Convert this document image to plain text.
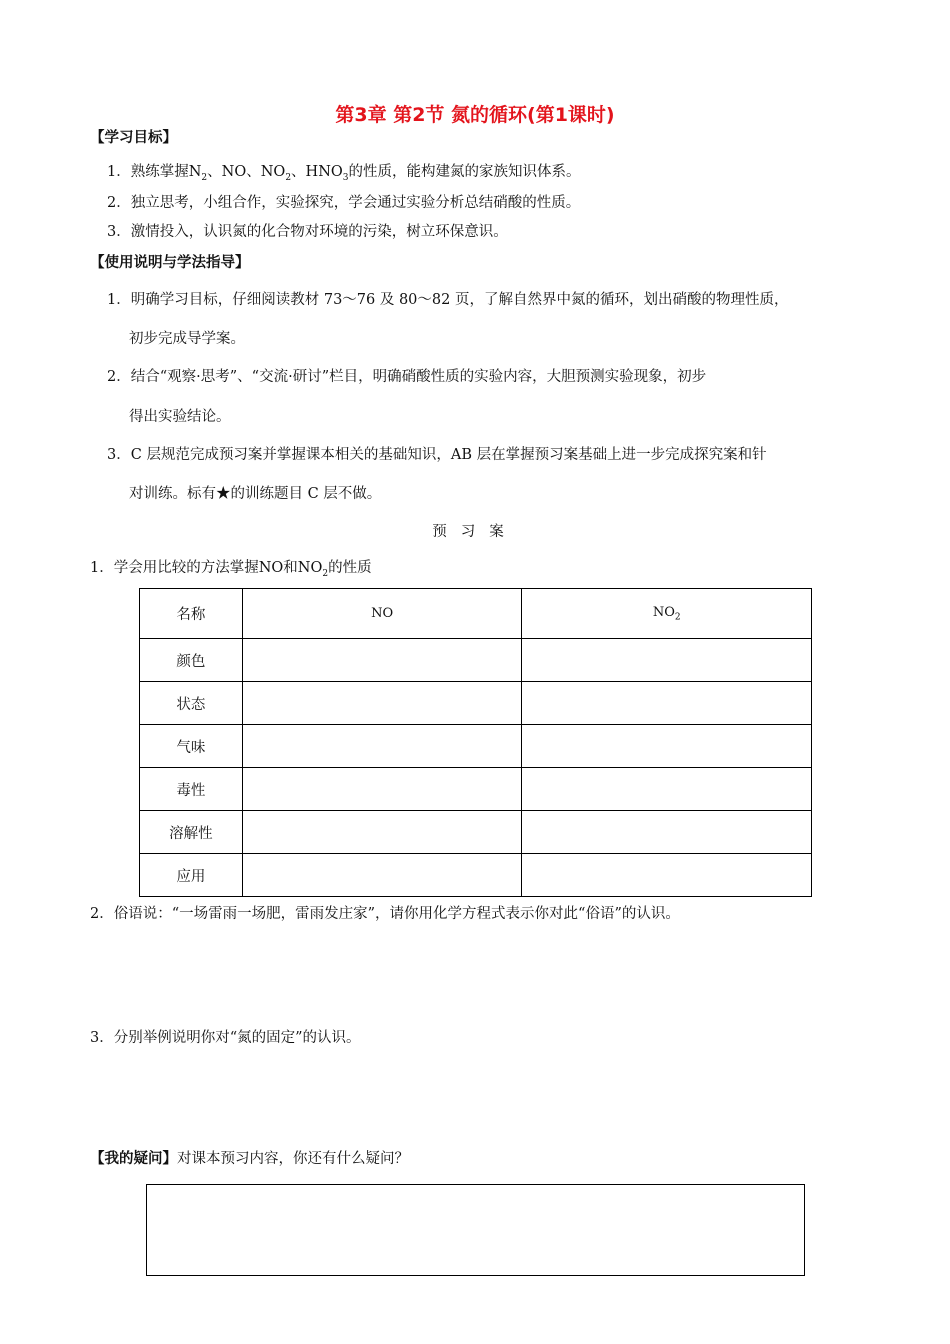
第3章 第2节 氮的循环(第1课时)
【学习目标】
1．熟练掌握$N_2$、NO、$NO_2$、$HNO_3$的性质，能构建氮的家族知识体系。
2．独立思考，小组合作，实验探究，学会通过实验分析总结硝酸的性质。
3．激情投入，认识氮的化合物对环境的污染，树立环保意识。
【使用说明与学法指导】
1．明确学习目标，仔细阅读教材 73～76 及 80～82 页，了解自然界中氮的循环，划出硝酸的物理性质，
初步完成导学案。
2．结合“观察·思考”、“交流·研讨”栏目，明确硝酸性质的实验内容，大胆预测实验现象，初步
得出实验结论。
3．C 层规范完成预习案并掌握课本相关的基础知识，AB 层在掌握预习案基础上进一步完成探究案和针
对训练。标有★的训练题目 C 层不做。
预习案
1．学会用比较的方法掌握NO和$NO_2$的性质
名称	NO	$NO_2$
颜色		
状态		
气味		
毒性		
溶解性		
应用		
2．俗语说：“一场雷雨一场肥，雷雨发庄家”，请你用化学方程式表示你对此“俗语”的认识。
3．分别举例说明你对“氮的固定”的认识。
【我的疑问】对课本预习内容，你还有什么疑问？
